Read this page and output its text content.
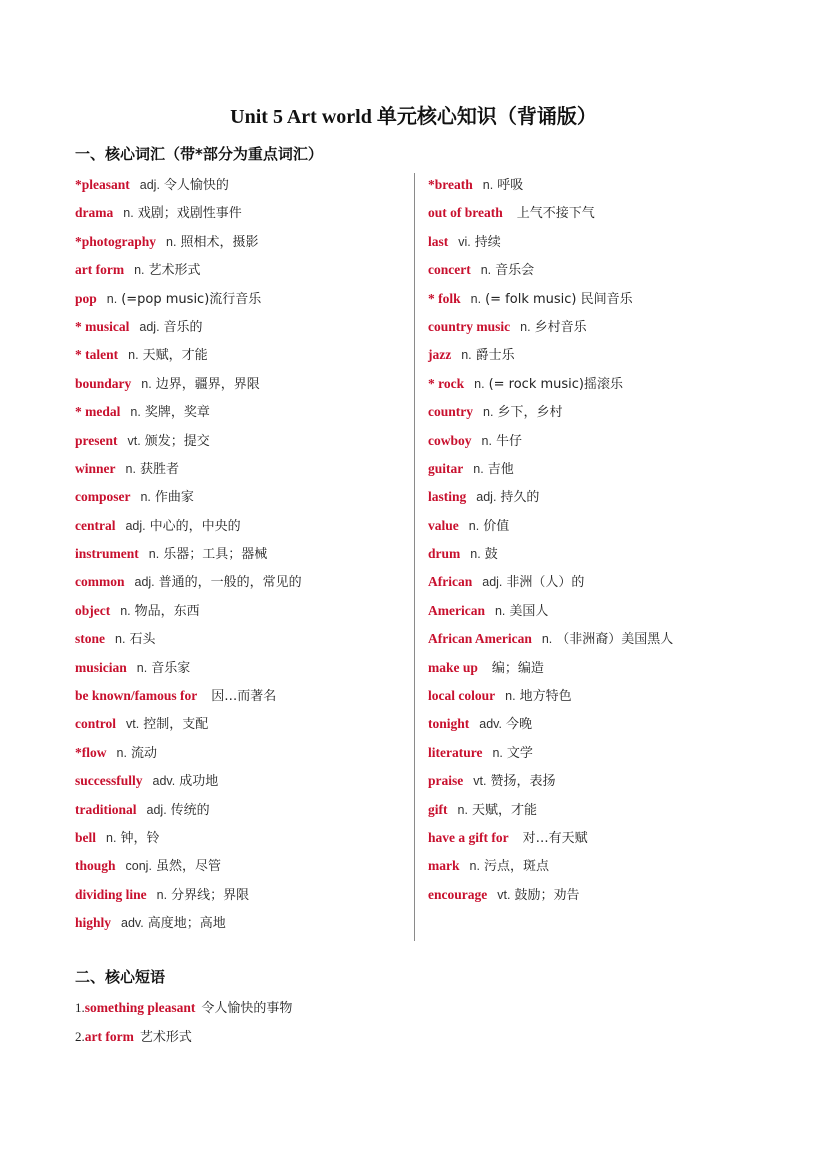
Unit 5 Art world 单元核心知识（背诵版）
一、核心词汇（带*部分为重点词汇）
*pleasant adj. 令人愉快的
drama n. 戏剧；戏剧性事件
*photography n. 照相术，摄影
art form n. 艺术形式
pop n. (=pop music)流行音乐
* musical adj. 音乐的
* talent n. 天赋，才能
boundary n. 边界，疆界，界限
* medal n. 奖牌，奖章
present vt. 颁发；提交
winner n. 获胜者
composer n. 作曲家
central adj. 中心的，中央的
instrument n. 乐器；工具；器械
common adj. 普通的，一般的，常见的
object n. 物品，东西
stone n. 石头
musician n. 音乐家
be known/famous for 因…而著名
control vt. 控制，支配
*flow n. 流动
successfully adv. 成功地
traditional adj. 传统的
bell n. 钟，铃
though conj. 虽然，尽管
dividing line n. 分界线；界限
highly adv. 高度地；高地
*breath n. 呼吸
out of breath 上气不接下气
last vi. 持续
concert n. 音乐会
* folk n. (= folk music) 民间音乐
country music n. 乡村音乐
jazz n. 爵士乐
* rock n. (= rock music)摇滚乐
country n. 乡下，乡村
cowboy n. 牛仔
guitar n. 吉他
lasting adj. 持久的
value n. 价值
drum n. 鼓
African adj. 非洲（人）的
American n. 美国人
African American n. （非洲裔）美国黑人
make up 编；编造
local colour n. 地方特色
tonight adv. 今晚
literature n. 文学
praise vt. 赞扬，表扬
gift n. 天赋，才能
have a gift for 对…有天赋
mark n. 污点，斑点
encourage vt. 鼓励；劝告
二、核心短语
1.something pleasant 令人愉快的事物
2.art form 艺术形式
